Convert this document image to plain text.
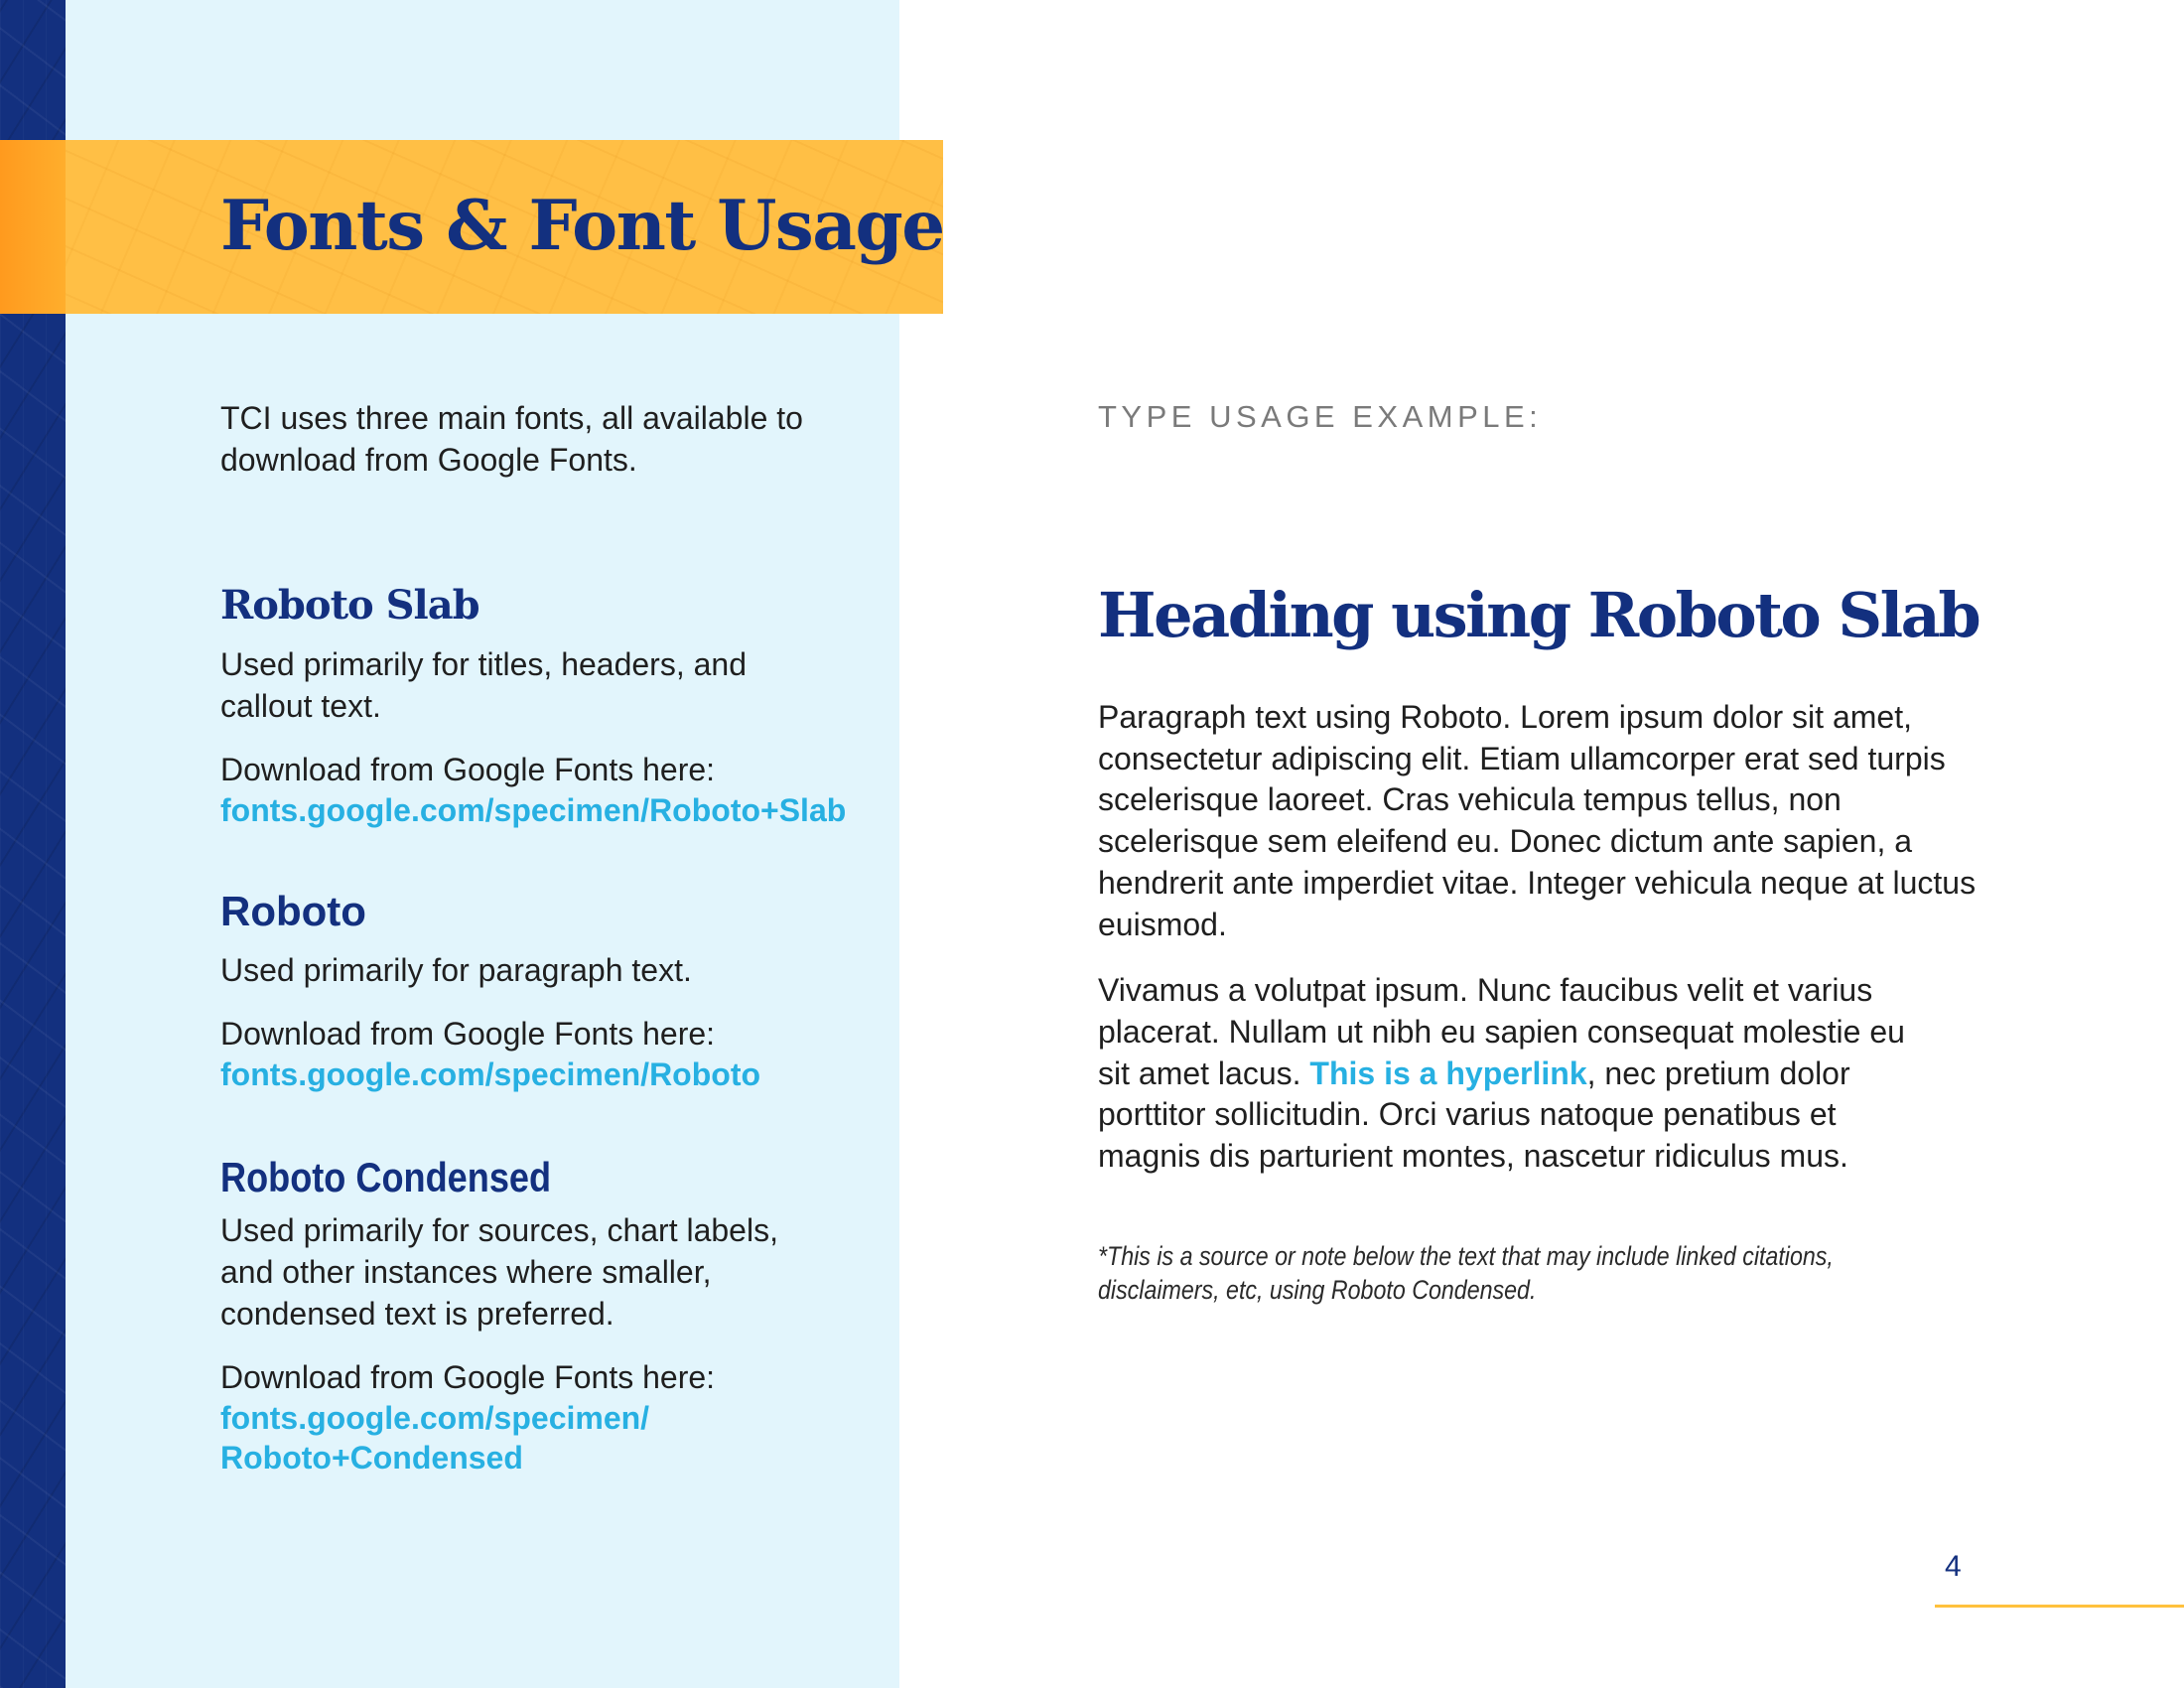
Fonts & Font Usage

TCI uses three main fonts, all available to download from Google Fonts.

Roboto Slab

Used primarily for titles, headers, and callout text.

Download from Google Fonts here:

fonts.google.com/specimen/Roboto+Slab
Roboto

Used primarily for paragraph text.

Download from Google Fonts here:

fonts.google.com/specimen/Roboto
Roboto Condensed

Used primarily for sources, chart labels, and other instances where smaller, condensed text is preferred.

Download from Google Fonts here:

fonts.google.com/specimen/
Roboto+Condensed

TYPE USAGE EXAMPLE:

Heading using Roboto Slab

Paragraph text using Roboto. Lorem ipsum dolor sit amet, consectetur adipiscing elit. Etiam ullamcorper erat sed turpis scelerisque laoreet. Cras vehicula tempus tellus, non scelerisque sem eleifend eu. Donec dictum ante sapien, a hendrerit ante imperdiet vitae. Integer vehicula neque at luctus euismod.

Vivamus a volutpat ipsum. Nunc faucibus velit et varius placerat. Nullam ut nibh eu sapien consequat molestie eu sit amet lacus. This is a hyperlink, nec pretium dolor porttitor sollicitudin. Orci varius natoque penatibus et magnis dis parturient montes, nascetur ridiculus mus.

*This is a source or note below the text that may include linked citations, disclaimers, etc, using Roboto Condensed.

4
